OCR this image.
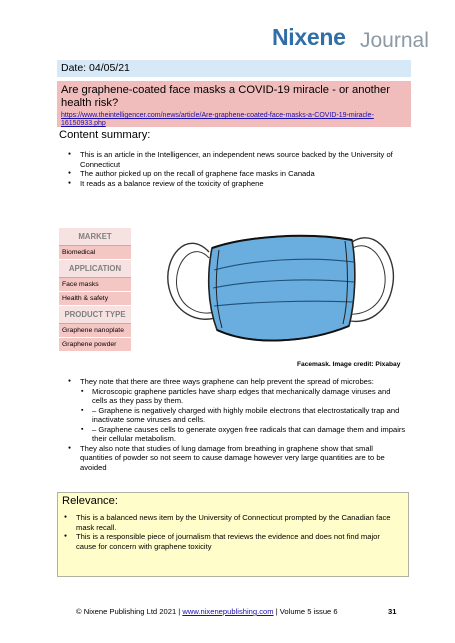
Nixene Journal
Date: 04/05/21
Are graphene-coated face masks a COVID-19 miracle - or another health risk?
https://www.theintelligencer.com/news/article/Are-graphene-coated-face-masks-a-COVID-19-miracle-16150933.php
Content summary:
● This is an article in the Intelligencer, an independent news source backed by the University of Connecticut
● The author picked up on the recall of graphene face masks in Canada
● It reads as a balance review of the toxicity of graphene
MARKET
Biomedical
APPLICATION
Face masks
Health & safety
PRODUCT TYPE
Graphene nanoplate
Graphene powder
Facemask. Image credit: Pixabay
● They note that there are three ways graphene can help prevent the spread of microbes:
▪ Microscopic graphene particles have sharp edges that mechanically damage viruses and cells as they pass by them.
▪ – Graphene is negatively charged with highly mobile electrons that electrostatically trap and inactivate some viruses and cells.
▪ – Graphene causes cells to generate oxygen free radicals that can damage them and impairs their cellular metabolism.
● They also note that studies of lung damage from breathing in graphene show that small quantities of powder so not seem to cause damage however very large quantities are to be avoided
Relevance:
● This is a balanced news item by the University of Connecticut prompted by the Canadian face mask recall.
● This is a responsible piece of journalism that reviews the evidence and does not find major cause for concern with graphene toxicity
© Nixene Publishing Ltd 2021 | www.nixenepublishing.com | Volume 5 issue 6	31
